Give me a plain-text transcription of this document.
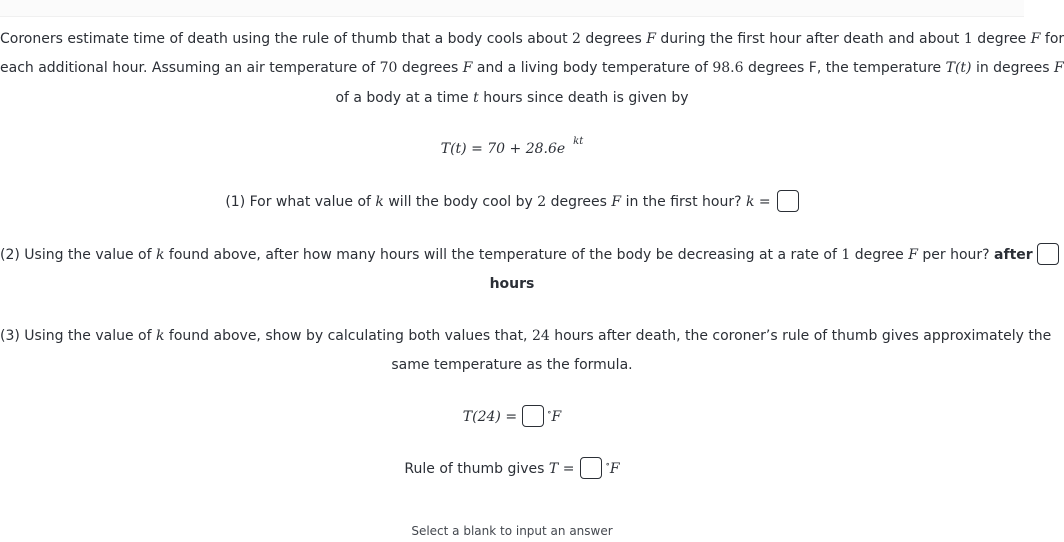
Coroners estimate time of death using the rule of thumb that a body cools about 2 degrees F during the first hour after death and about 1 degree F for
each additional hour. Assuming an air temperature of 70 degrees F and a living body temperature of 98.6 degrees F, the temperature T(t) in degrees F
of a body at a time t hours since death is given by
T(t) = 70 + 28.6e $^{kt}$
(1) For what value of k will the body cool by 2 degrees F in the first hour? k =
(2) Using the value of k found above, after how many hours will the temperature of the body be decreasing at a rate of 1 degree F per hour? after
hours
(3) Using the value of k found above, show by calculating both values that, 24 hours after death, the coroner’s rule of thumb gives approximately the
same temperature as the formula.
T(24) =	∘F
Rule of thumb gives T =	∘F
Select a blank to input an answer
